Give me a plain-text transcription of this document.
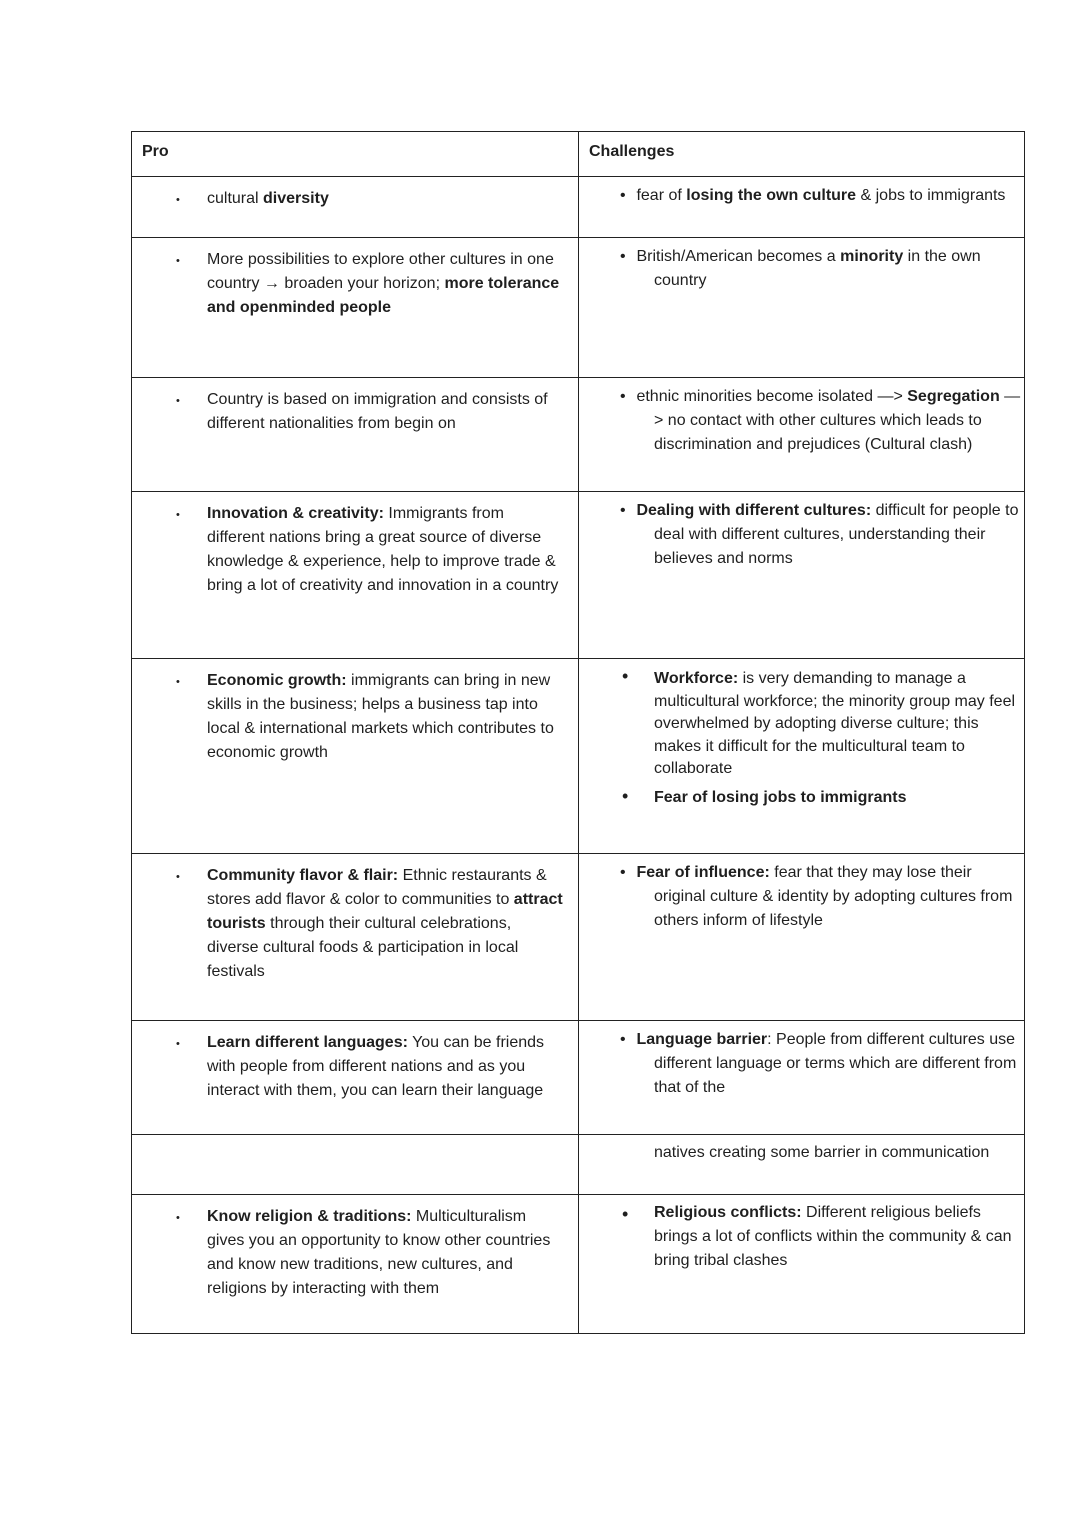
Pro	Challenges
• cultural diversity	• fear of losing the own culture & jobs to immigrants
• More possibilities to explore other cultures in one country → broaden your horizon; more tolerance and openminded people
• British/American becomes a minority in the own country
• Country is based on immigration and consists of different nationalities from begin on
• ethnic minorities become isolated —> Segregation —> no contact with other cultures which leads to discrimination and prejudices (Cultural clash)
• Innovation & creativity: Immigrants from different nations bring a great source of diverse knowledge & experience, help to improve trade & bring a lot of creativity and innovation in a country
• Dealing with different cultures: difficult for people to deal with different cultures, understanding their believes and norms
• Economic growth: immigrants can bring in new skills in the business; helps a business tap into local & international markets which contributes to economic growth
• Workforce: is very demanding to manage a multicultural workforce; the minority group may feel overwhelmed by adopting diverse culture; this makes it difficult for the multicultural team to collaborate
• Fear of losing jobs to immigrants
• Community flavor & flair: Ethnic restaurants & stores add flavor & color to communities to attract tourists through their cultural celebrations, diverse cultural foods & participation in local festivals
• Fear of influence: fear that they may lose their original culture & identity by adopting cultures from others inform of lifestyle
• Learn different languages: You can be friends with people from different nations and as you interact with them, you can learn their language
• Language barrier: People from different cultures use different language or terms which are different from that of the
natives creating some barrier in communication
• Know religion & traditions: Multiculturalism gives you an opportunity to know other countries and know new traditions, new cultures, and religions by interacting with them
• Religious conflicts: Different religious beliefs brings a lot of conflicts within the community & can bring tribal clashes
